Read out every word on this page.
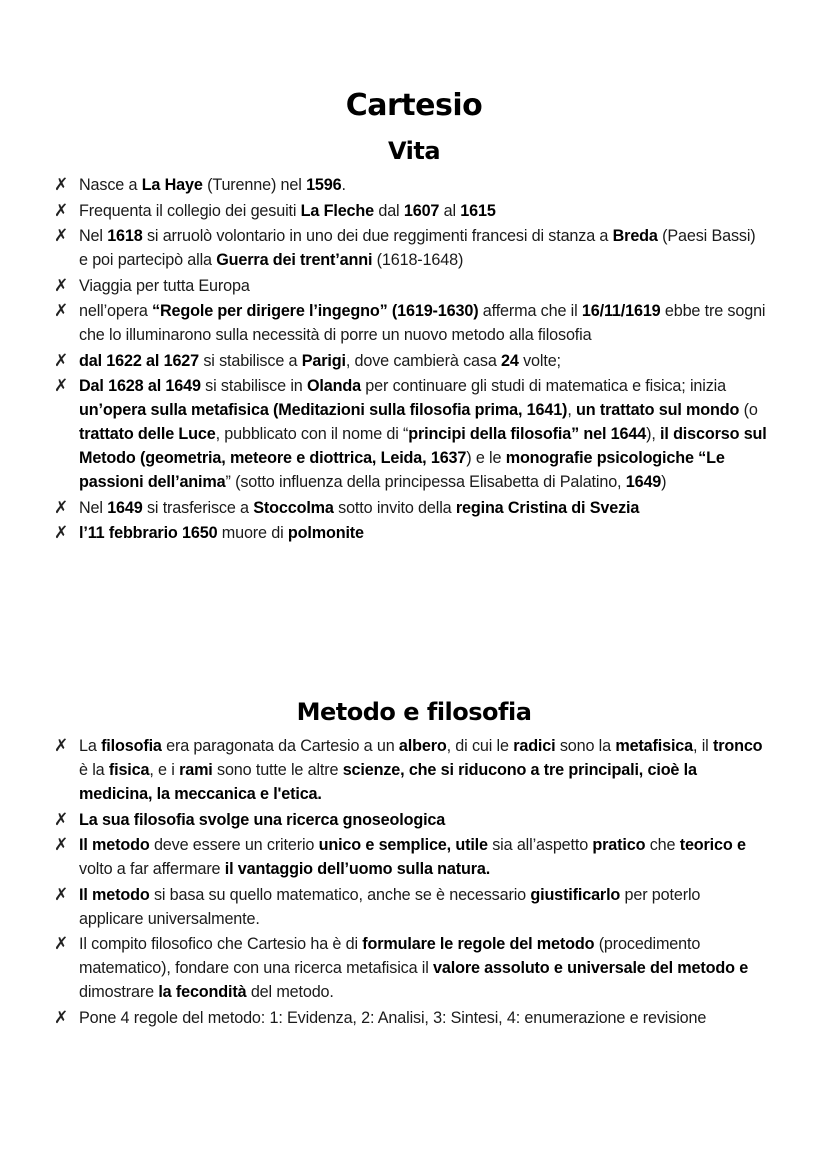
Cartesio
Vita
✗ Nasce a La Haye (Turenne) nel 1596.
✗ Frequenta il collegio dei gesuiti La Fleche dal 1607 al 1615
✗ Nel 1618 si arruolò volontario in uno dei due reggimenti francesi di stanza a Breda (Paesi Bassi) e poi partecipò alla Guerra dei trent’anni (1618-1648)
✗ Viaggia per tutta Europa
✗ nell’opera “Regole per dirigere l’ingegno” (1619-1630) afferma che il 16/11/1619 ebbe tre sogni che lo illuminarono sulla necessità di porre un nuovo metodo alla filosofia
✗ dal 1622 al 1627 si stabilisce a Parigi, dove cambierà casa 24 volte;
✗ Dal 1628 al 1649 si stabilisce in Olanda per continuare gli studi di matematica e fisica; inizia un’opera sulla metafisica (Meditazioni sulla filosofia prima, 1641), un trattato sul mondo (o trattato delle Luce, pubblicato con il nome di “principi della filosofia” nel 1644), il discorso sul Metodo (geometria, meteore e diottrica, Leida, 1637) e le monografie psicologiche “Le passioni dell’anima” (sotto influenza della principessa Elisabetta di Palatino, 1649)
✗ Nel 1649 si trasferisce a Stoccolma sotto invito della regina Cristina di Svezia
✗ l’11 febbrario 1650 muore di polmonite
Metodo e filosofia
✗ La filosofia era paragonata da Cartesio a un albero, di cui le radici sono la metafisica, il tronco è la fisica, e i rami sono tutte le altre scienze, che si riducono a tre principali, cioè la medicina, la meccanica e l'etica.
✗ La sua filosofia svolge una ricerca gnoseologica
✗ Il metodo deve essere un criterio unico e semplice, utile sia all’aspetto pratico che teorico e volto a far affermare il vantaggio dell’uomo sulla natura.
✗ Il metodo si basa su quello matematico, anche se è necessario giustificarlo per poterlo applicare universalmente.
✗ Il compito filosofico che Cartesio ha è di formulare le regole del metodo (procedimento matematico), fondare con una ricerca metafisica il valore assoluto e universale del metodo e dimostrare la fecondità del metodo.
✗ Pone 4 regole del metodo: 1: Evidenza, 2: Analisi, 3: Sintesi, 4: enumerazione e revisione
